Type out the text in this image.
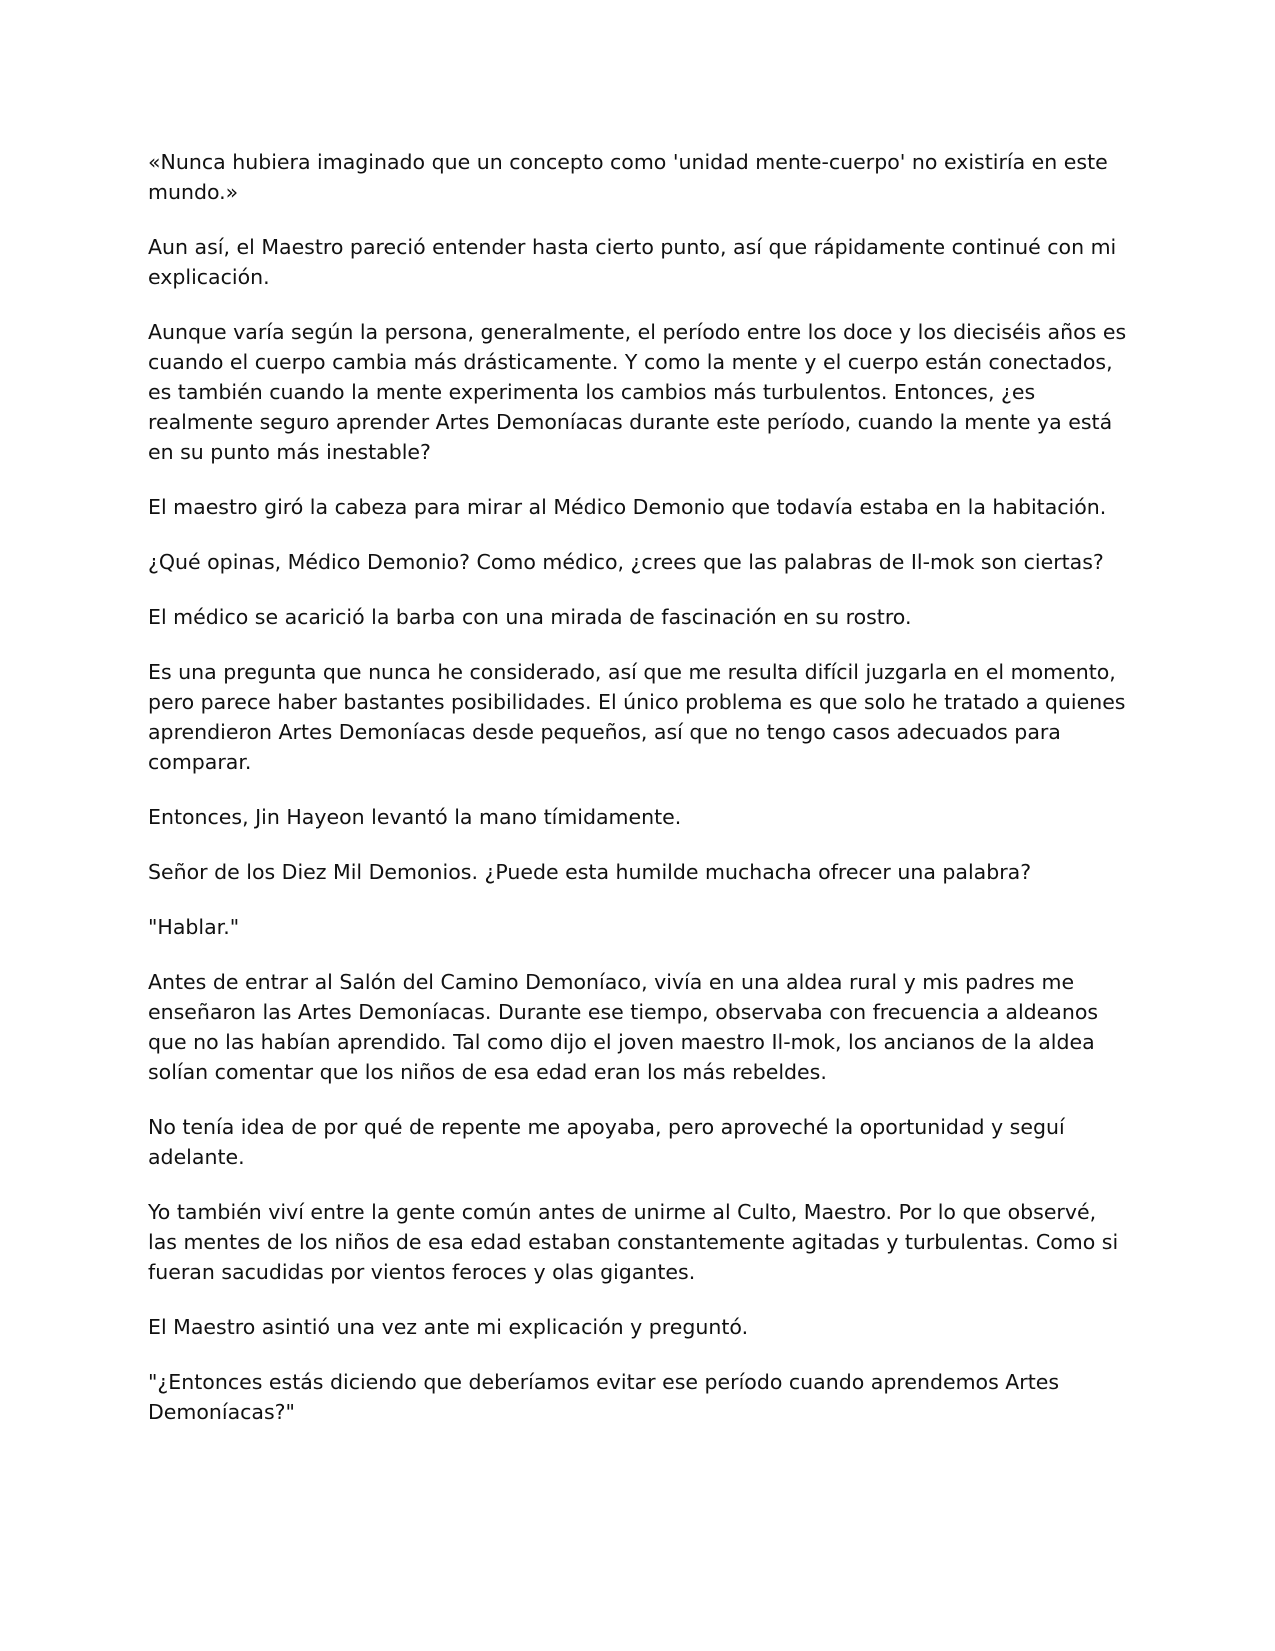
«Nunca hubiera imaginado que un concepto como 'unidad mente-cuerpo' no existiría en este mundo.»

Aun así, el Maestro pareció entender hasta cierto punto, así que rápidamente continué con mi explicación.

Aunque varía según la persona, generalmente, el período entre los doce y los dieciséis años es cuando el cuerpo cambia más drásticamente. Y como la mente y el cuerpo están conectados, es también cuando la mente experimenta los cambios más turbulentos. Entonces, ¿es realmente seguro aprender Artes Demoníacas durante este período, cuando la mente ya está en su punto más inestable?

El maestro giró la cabeza para mirar al Médico Demonio que todavía estaba en la habitación.

¿Qué opinas, Médico Demonio? Como médico, ¿crees que las palabras de Il-mok son ciertas?

El médico se acarició la barba con una mirada de fascinación en su rostro.

Es una pregunta que nunca he considerado, así que me resulta difícil juzgarla en el momento, pero parece haber bastantes posibilidades. El único problema es que solo he tratado a quienes aprendieron Artes Demoníacas desde pequeños, así que no tengo casos adecuados para comparar.

Entonces, Jin Hayeon levantó la mano tímidamente.

Señor de los Diez Mil Demonios. ¿Puede esta humilde muchacha ofrecer una palabra?

"Hablar."

Antes de entrar al Salón del Camino Demoníaco, vivía en una aldea rural y mis padres me enseñaron las Artes Demoníacas. Durante ese tiempo, observaba con frecuencia a aldeanos que no las habían aprendido. Tal como dijo el joven maestro Il-mok, los ancianos de la aldea solían comentar que los niños de esa edad eran los más rebeldes.

No tenía idea de por qué de repente me apoyaba, pero aproveché la oportunidad y seguí adelante.

Yo también viví entre la gente común antes de unirme al Culto, Maestro. Por lo que observé, las mentes de los niños de esa edad estaban constantemente agitadas y turbulentas. Como si fueran sacudidas por vientos feroces y olas gigantes.

El Maestro asintió una vez ante mi explicación y preguntó.

"¿Entonces estás diciendo que deberíamos evitar ese período cuando aprendemos Artes Demoníacas?"
